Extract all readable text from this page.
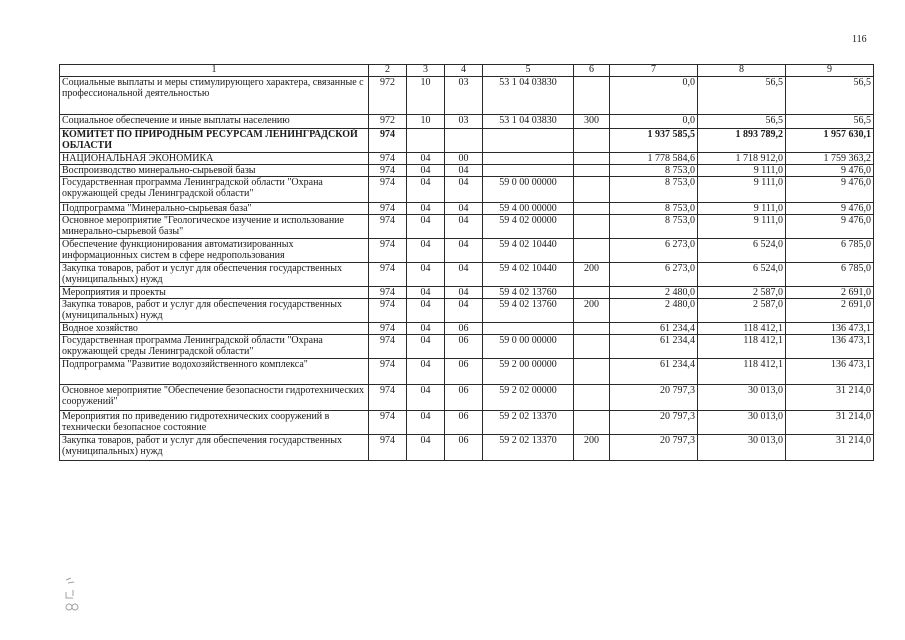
116
1	2	3	4	5	6	7	8	9
Социальные выплаты и меры стимулирующего характера, связанные с профессиональной деятельностью	972	10	03	53 1 04 03830		0,0	56,5	56,5
Социальное обеспечение и иные выплаты населению	972	10	03	53 1 04 03830	300	0,0	56,5	56,5
КОМИТЕТ ПО ПРИРОДНЫМ РЕСУРСАМ ЛЕНИНГРАДСКОЙ ОБЛАСТИ	974					1 937 585,5	1 893 789,2	1 957 630,1
НАЦИОНАЛЬНАЯ ЭКОНОМИКА	974	04	00			1 778 584,6	1 718 912,0	1 759 363,2
Воспроизводство минерально-сырьевой базы	974	04	04			8 753,0	9 111,0	9 476,0
Государственная программа Ленинградской области "Охрана окружающей среды Ленинградской области"	974	04	04	59 0 00 00000		8 753,0	9 111,0	9 476,0
Подпрограмма "Минерально-сырьевая база"	974	04	04	59 4 00 00000		8 753,0	9 111,0	9 476,0
Основное мероприятие "Геологическое изучение и использование минерально-сырьевой базы"	974	04	04	59 4 02 00000		8 753,0	9 111,0	9 476,0
Обеспечение функционирования автоматизированных информационных систем в сфере недропользования	974	04	04	59 4 02 10440		6 273,0	6 524,0	6 785,0
Закупка товаров, работ и услуг для обеспечения государственных (муниципальных) нужд	974	04	04	59 4 02 10440	200	6 273,0	6 524,0	6 785,0
Мероприятия и проекты	974	04	04	59 4 02 13760		2 480,0	2 587,0	2 691,0
Закупка товаров, работ и услуг для обеспечения государственных (муниципальных) нужд	974	04	04	59 4 02 13760	200	2 480,0	2 587,0	2 691,0
Водное хозяйство	974	04	06			61 234,4	118 412,1	136 473,1
Государственная программа Ленинградской области "Охрана окружающей среды Ленинградской области"	974	04	06	59 0 00 00000		61 234,4	118 412,1	136 473,1
Подпрограмма "Развитие водохозяйственного комплекса"	974	04	06	59 2 00 00000		61 234,4	118 412,1	136 473,1
Основное мероприятие "Обеспечение безопасности гидротехнических сооружений"	974	04	06	59 2 02 00000		20 797,3	30 013,0	31 214,0
Мероприятия по приведению гидротехнических сооружений в технически безопасное состояние	974	04	06	59 2 02 13370		20 797,3	30 013,0	31 214,0
Закупка товаров, работ и услуг для обеспечения государственных (муниципальных) нужд	974	04	06	59 2 02 13370	200	20 797,3	30 013,0	31 214,0
